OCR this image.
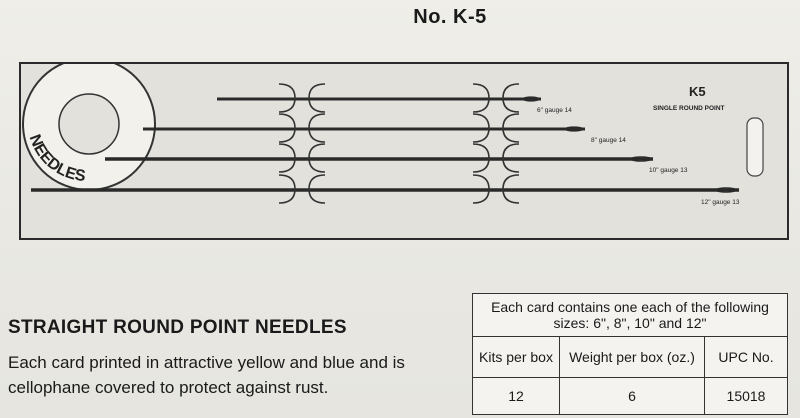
No. K-5
NEEDLES
K5
SINGLE ROUND POINT
6" gauge 14
8" gauge 14
10" gauge 13
12" gauge 13
STRAIGHT ROUND POINT NEEDLES
Each card printed in attractive yellow and blue and is cellophane covered to protect against rust.
Each card contains one each of the following sizes: 6", 8", 10" and 12"		
Kits per box	Weight per box (oz.)	UPC No.
12	6	15018
